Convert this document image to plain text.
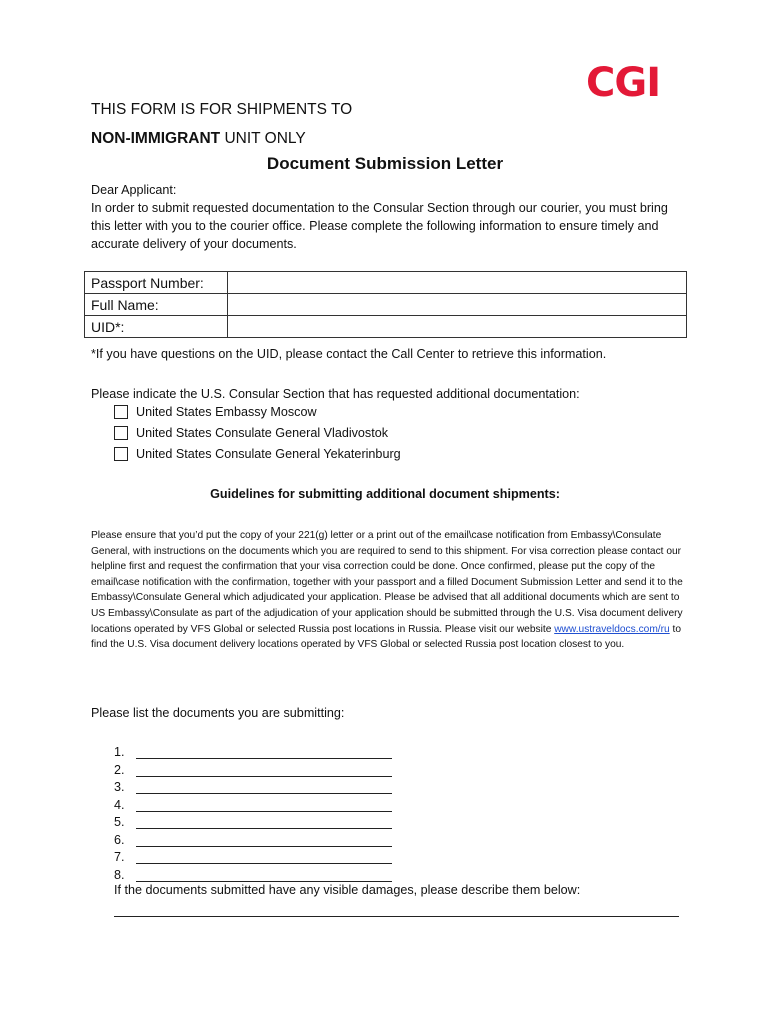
CGI
THIS FORM IS FOR SHIPMENTS TO
NON-IMMIGRANT UNIT ONLY
Document Submission Letter
Dear Applicant:
In order to submit requested documentation to the Consular Section through our courier, you must bring this letter with you to the courier office. Please complete the following information to ensure timely and accurate delivery of your documents.
Passport Number:	
Full Name:	
UID*:	
*If you have questions on the UID, please contact the Call Center to retrieve this information.
Please indicate the U.S. Consular Section that has requested additional documentation:
United States Embassy Moscow
United States Consulate General Vladivostok
United States Consulate General Yekaterinburg
Guidelines for submitting additional document shipments:
Please ensure that you’d put the copy of your 221(g) letter or a print out of the email\case notification from Embassy\Consulate General, with instructions on the documents which you are required to send to this shipment. For visa correction please contact our helpline first and request the confirmation that your visa correction could be done. Once confirmed, please put the copy of the email\case notification with the confirmation, together with your passport and a filled Document Submission Letter and send it to the Embassy\Consulate General which adjudicated your application. Please be advised that all additional documents which are sent to US Embassy\Consulate as part of the adjudication of your application should be submitted through the U.S. Visa document delivery locations operated by VFS Global or selected Russia post locations in Russia. Please visit our website www.ustraveldocs.com/ru to find the U.S. Visa document delivery locations operated by VFS Global or selected Russia post location closest to you.
Please list the documents you are submitting:
1.
2.
3.
4.
5.
6.
7.
8.
If the documents submitted have any visible damages, please describe them below:
